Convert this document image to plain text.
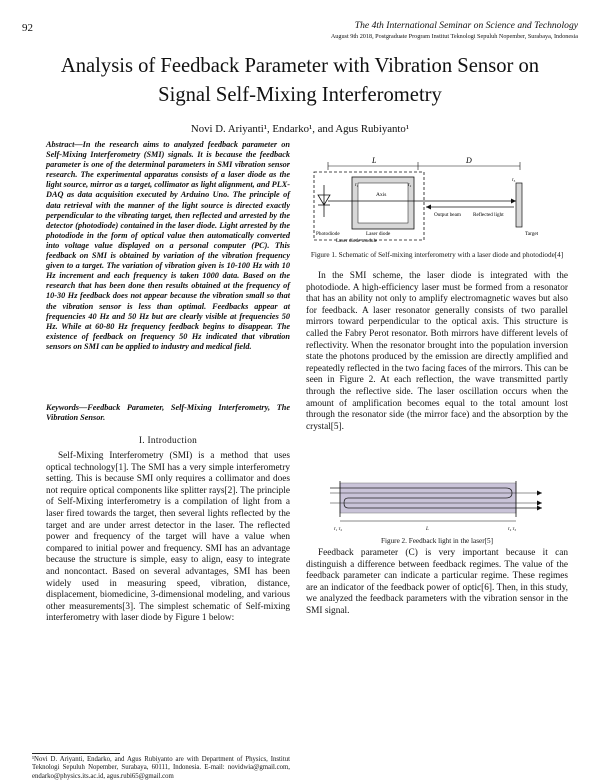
92	The 4th International Seminar on Science and Technology
August 9th 2018, Postgraduate Program Institut Teknologi Sepuluh Nopember, Surabaya, Indonesia
Analysis of Feedback Parameter with Vibration Sensor on Signal Self-Mixing Interferometry
Novi D. Ariyanti¹, Endarko¹, and Agus Rubiyanto¹
Abstract—In the research aims to analyzed feedback parameter on Self-Mixing Interferometry (SMI) signals. It is because the feedback parameter is one of the determinal parameters in SMI vibration sensor research. The experimental apparatus consists of a laser diode as the light source, mirror as a target, collimator as light alignment, and PLX-DAQ as data acquisition executed by Arduino Uno. The principle of data retrieval with the manner of the light source is directed exactly perpendicular to the vibrating target, then reflected and arrested by the detector (photodiode) contained in the laser diode. Light arrested by the photodiode in the form of optical value then automatically converted into voltage value displayed on a personal computer (PC). This feedback on SMI is obtained by variation of the vibration frequency given to a target. The variation of vibration given is 10-100 Hz with 10 Hz increment and each frequency is taken 1000 data. Based on the research that has been done then results obtained at the frequency of 10-30 Hz feedback does not appear because the vibration small so that the vibration sensor is less than optimal. Feedbacks appear at frequencies 40 Hz and 50 Hz but are clearly visible at frequencies 50 Hz. While at 60-80 Hz frequency feedback begins to disappear. The existence of feedback on frequency 50 Hz indicated that vibration sensors on SMI can be applied to industry and medical field.
Keywords—Feedback Parameter, Self-Mixing Interferometry, The Vibration Sensor.
I. Introduction
Self-Mixing Interferometry (SMI) is a method that uses optical technology[1]. The SMI has a very simple interferometry setting. This is because SMI only requires a collimator and does not require optical components like splitter rays[2]. The principle of Self-Mixing interferometry is a compilation of light from a laser fired towards the target, then several lights reflected by the target and are under arrest detector in the laser. The reflected power and frequency of the target will have a value when compared to initial power and frequency. SMI has an advantage because the structure is simple, easy to align, easy to integrate and noncontact. Based on several advantages, SMI has been widely used in measuring speed, vibration, distance, displacement, biomedicine, 3-dimensional modeling, and various other measurements[3]. The simplest schematic of Self-mixing interferometry with laser diode by Figure 1 below:
¹Novi D. Ariyanti, Endarko, and Agus Rubiyanto are with Department of Physics, Institut Teknologi Sepuluh Nopember, Surabaya, 60111, Indonesia. E-mail: novidwia@gmail.com, endarko@physics.its.ac.id, agus.rubi65@gmail.com
L	D
r₁	r₂
Axis
r₃
Photodiode	Laser diode
Laser diode module
Output beam Reflected light
Target
Figure 1. Schematic of Self-mixing interferometry with a laser diode and photodiode[4]
In the SMI scheme, the laser diode is integrated with the photodiode. A high-efficiency laser must be formed from a resonator that has an ability not only to amplify electromagnetic waves but also for feedback. A laser resonator generally consists of two parallel mirrors toward perpendicular to the optical axis. This structure is called the Fabry Perot resonator. Both mirrors have different levels of reflectivity. When the resonator brought into the population inversion state the photons produced by the emission are directly amplified and repeatedly reflected in the two facing faces of the mirrors. This can be seen in Figure 2. At each reflection, the wave transmitted partly through the reflective side. The laser oscillation occurs when the amount of amplification becomes equal to the total amount lost through the resonator side (the mirror face) and the absorption by the crystal[5].
r₁ r₂	L	r₂ r₃
Figure 2. Feedback light in the laser[5]
Feedback parameter (C) is very important because it can distinguish a difference between feedback regimes. The value of the feedback parameter can indicate a particular regime. These regimes are an indicator of the feedback power of optic[6]. Then, in this study, we analyzed the feedback parameters with the vibration sensor in the SMI signal.
